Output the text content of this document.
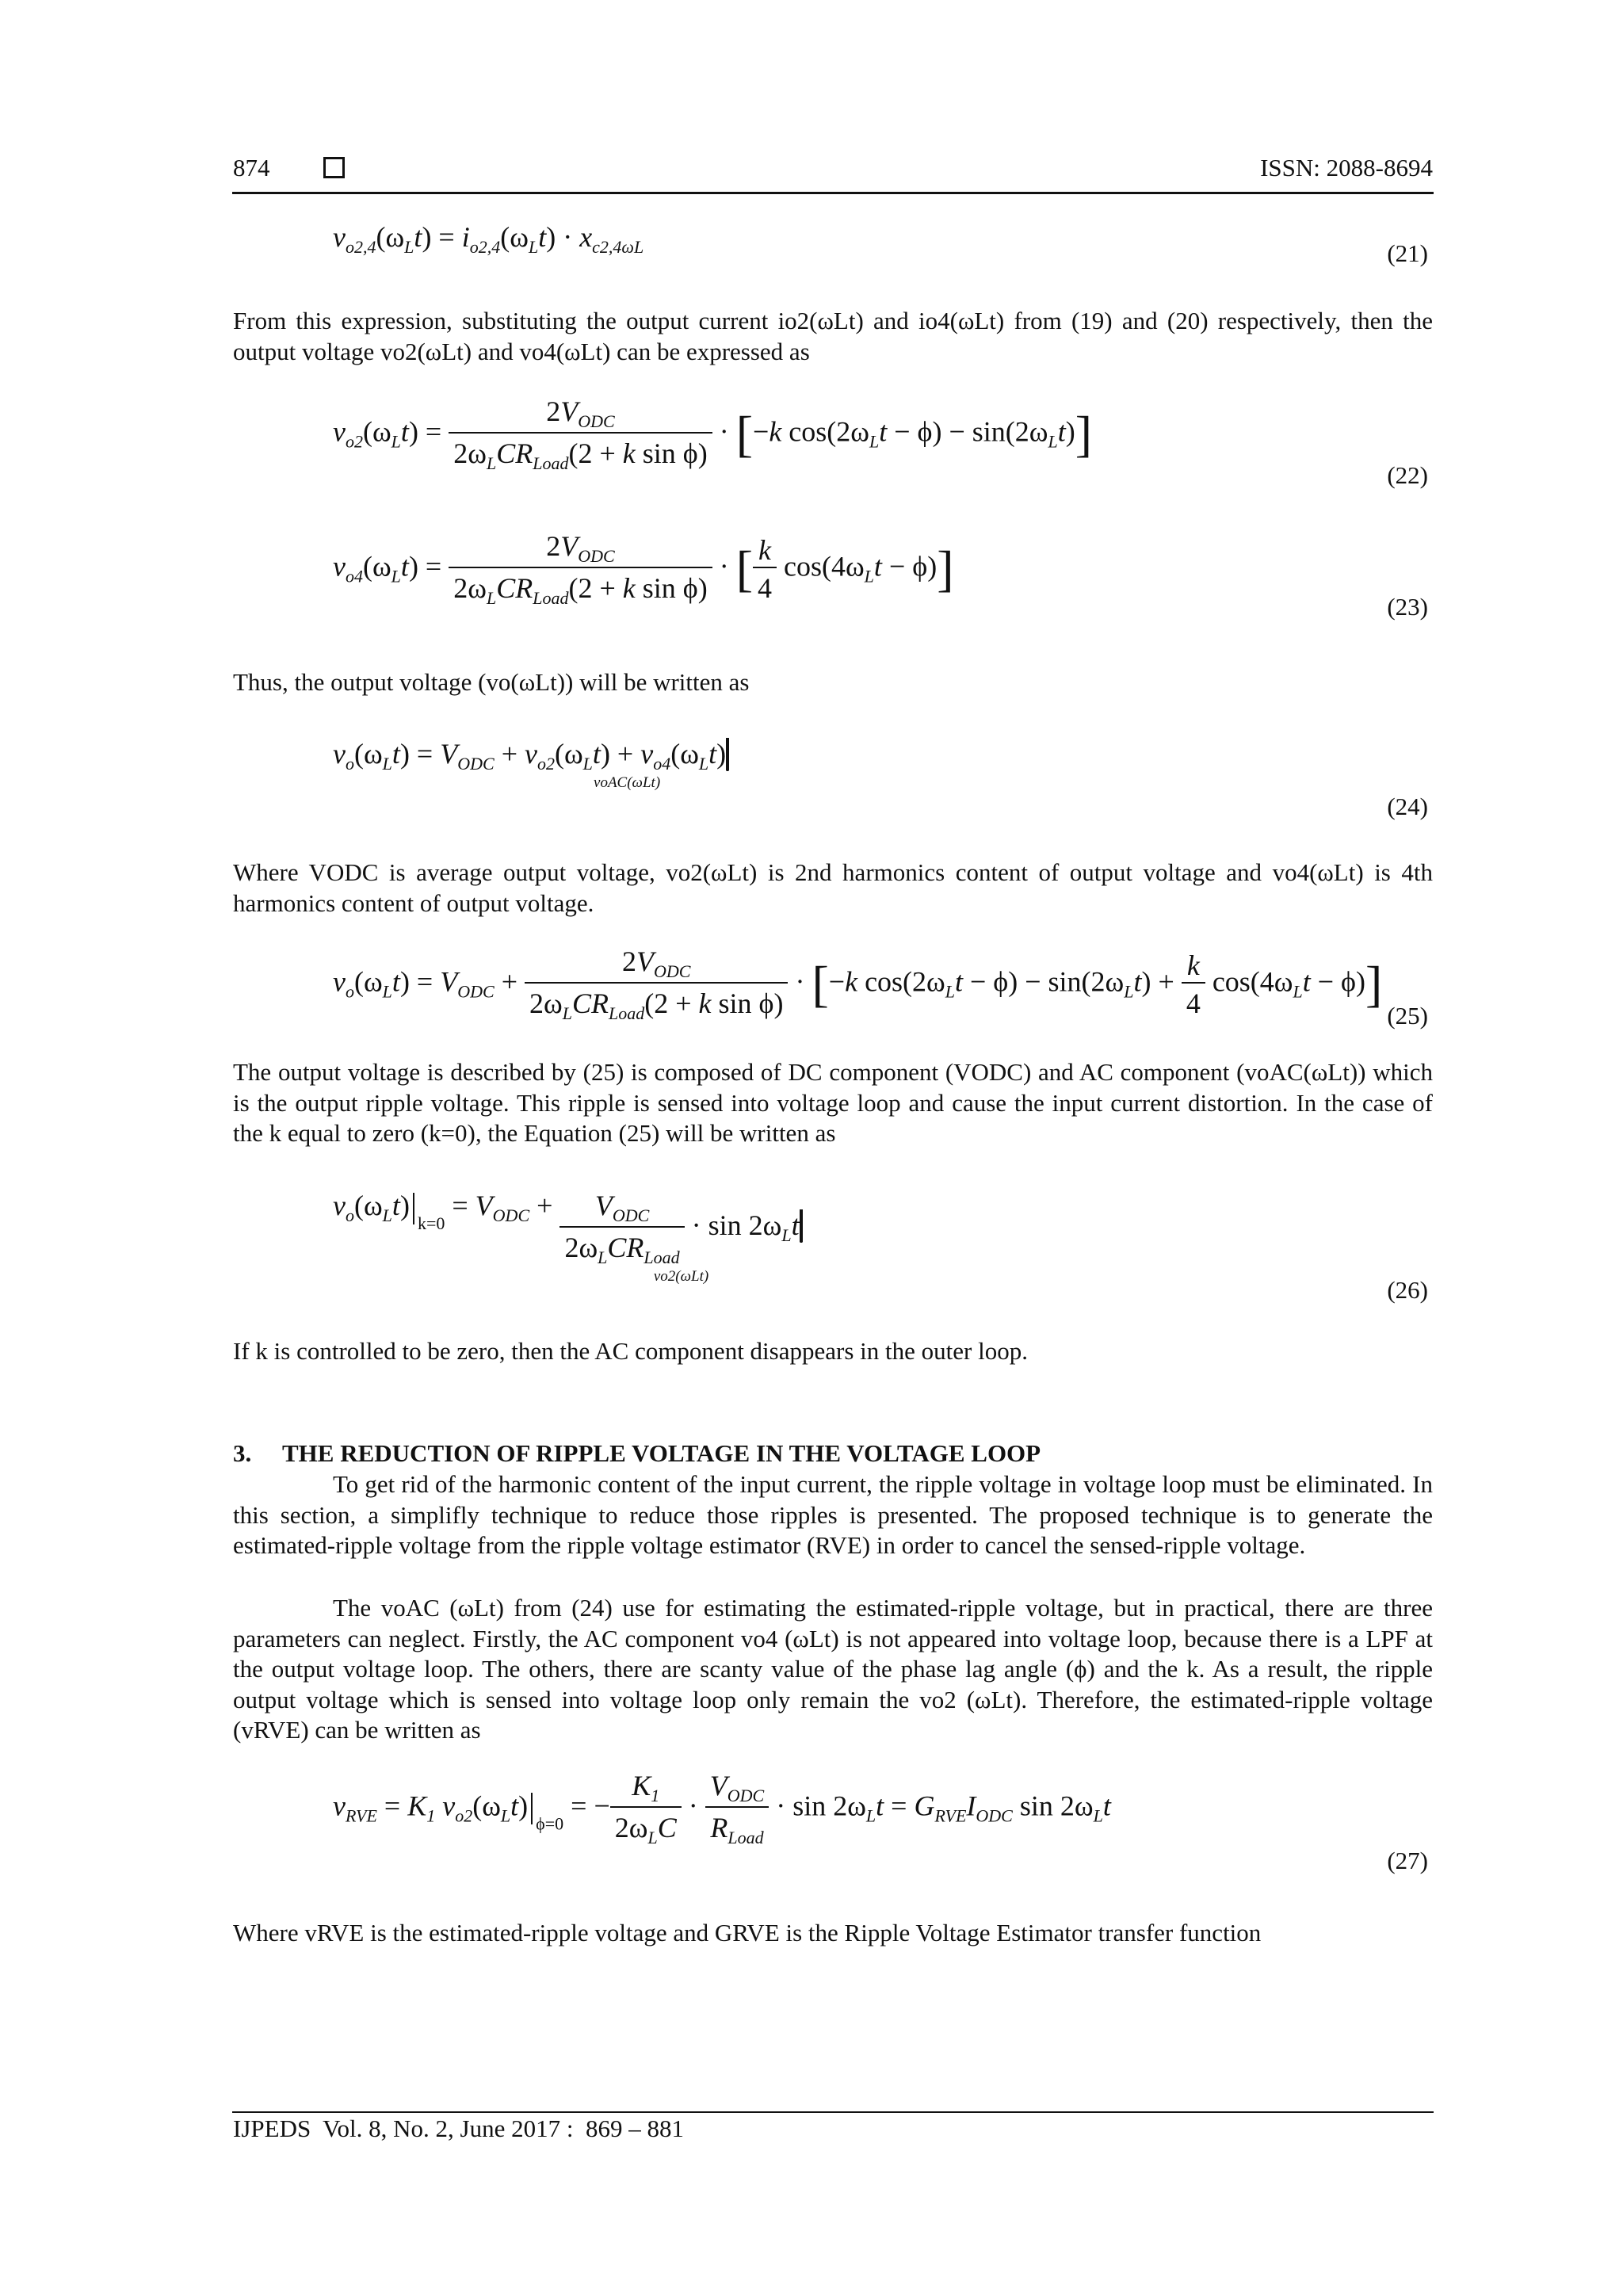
874	ISSN: 2088-8694
$v_{o2,4}(\omega_Lt) = i_{o2,4}(\omega_Lt) \cdot x_{c2,4\omega L}$	(21)
From this expression, substituting the output current io2(ωLt) and io4(ωLt) from (19) and (20) respectively, then the output voltage vo2(ωLt) and vo4(ωLt) can be expressed as
$v_{o2}(\omega_Lt) = \frac{2V_{ODC}}{2\omega_LCR_{Load}(2 + k \sin \phi)} \cdot [-k$ $\cos(2\omega_Lt - \phi) - \sin(2\omega_Lt)$]
(22)
$v_{o4}(\omega_Lt) = \frac{2V_{ODC}}{2\omega_LCR_{Load}(2 + k \sin \phi)}$ · [ $\frac{k}{4} \cos(4\omega_Lt - \phi)$]
(23)
Thus, the output voltage (vo(ωLt)) will be written as
$v_o(\omega_Lt) = V_{ODC} + v_{o2}(\omega_Lt) + v_{o4}(\omega_Lt)$
voAC(ωLt)
(24)
Where VODC is average output voltage, vo2(ωLt) is 2nd harmonics content of output voltage and vo4(ωLt) is 4th harmonics content of output voltage.
$v_o(\omega_Lt) = V_{ODC} + \frac{2V_{ODC}}{2\omega_LCR_{Load}(2 + k \sin \phi)} \cdot [-k$ $\cos(2\omega_Lt - \phi) - \sin(2\omega_Lt) + \frac{k}{4} \cos(4\omega_Lt - \phi)$]
(25)
The output voltage is described by (25) is composed of DC component (VODC) and AC component (voAC(ωLt)) which is the output ripple voltage. This ripple is sensed into voltage loop and cause the input current distortion. In the case of the k equal to zero (k=0), the Equation (25) will be written as
$v_o(\omega_Lt)_{k=0} = V_{ODC} + \frac{V_{ODC}}{2\omega_LCR_{Load}} \cdot \sin 2\omega_Lt$
vo2(ωLt)	(26)
If k is controlled to be zero, then the AC component disappears in the outer loop.
3. THE REDUCTION OF RIPPLE VOLTAGE IN THE VOLTAGE LOOP
To get rid of the harmonic content of the input current, the ripple voltage in voltage loop must be eliminated. In this section, a simplifly technique to reduce those ripples is presented. The proposed technique is to generate the estimated-ripple voltage from the ripple voltage estimator (RVE) in order to cancel the sensed-ripple voltage.
The voAC (ωLt) from (24) use for estimating the estimated-ripple voltage, but in practical, there are three parameters can neglect. Firstly, the AC component vo4 (ωLt) is not appeared into voltage loop, because there is a LPF at the output voltage loop. The others, there are scanty value of the phase lag angle (ϕ) and the k. As a result, the ripple output voltage which is sensed into voltage loop only remain the vo2 (ωLt). Therefore, the estimated-ripple voltage (vRVE) can be written as
$v_{RVE} = K_1$ $v_{o2}(\omega_Lt)_{\phi=0}$ = − $\frac{K_1}{2\omega_LC} \cdot \frac{V_{ODC}}{R_{Load}} \cdot \sin 2\omega_Lt = G_{RVE}I_{ODC}$ $\sin 2\omega_Lt$
(27)
Where vRVE is the estimated-ripple voltage and GRVE is the Ripple Voltage Estimator transfer function
IJPEDS  Vol. 8, No. 2, June 2017 :  869 – 881
